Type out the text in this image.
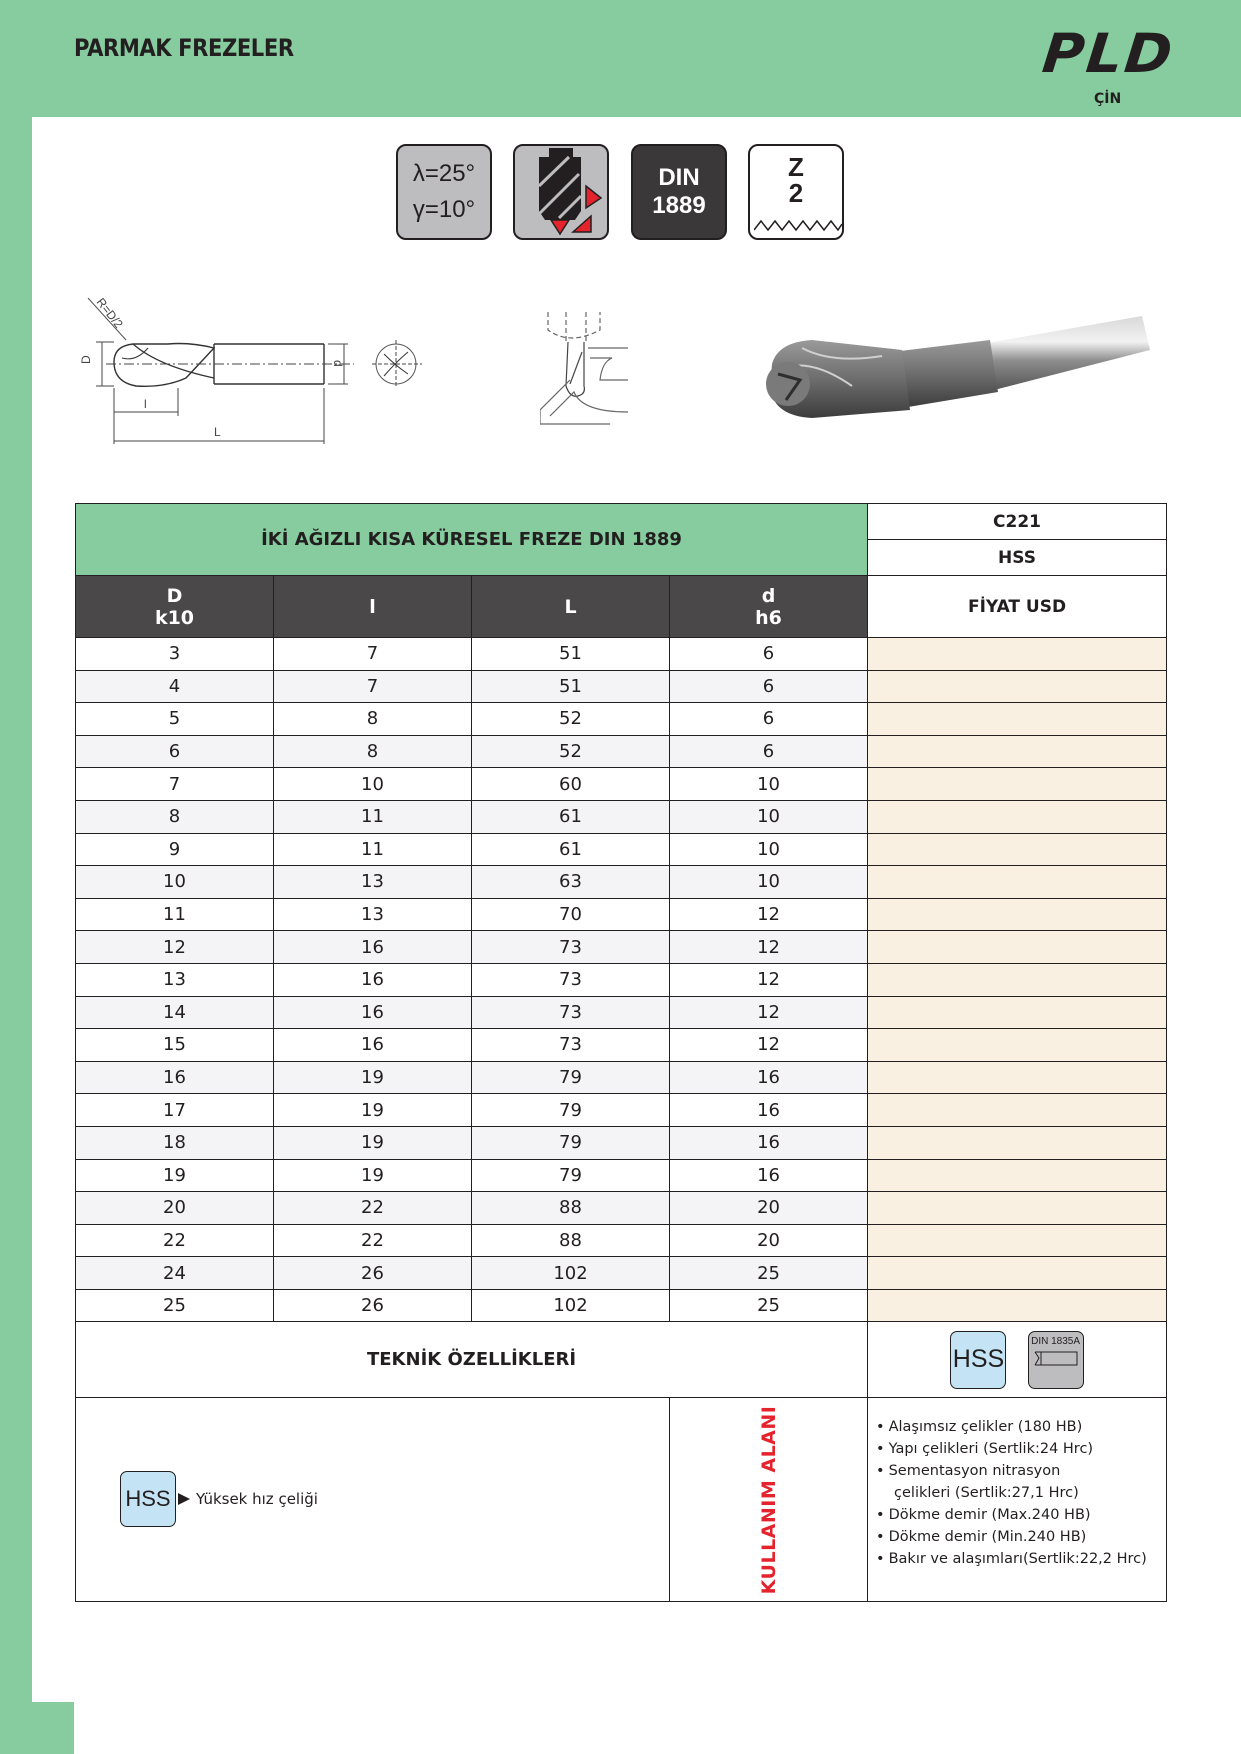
PARMAK FREZELER	PLD
ÇİN
λ=25°
γ=10°
DIN
1889
Z
2
R=D/2
D	d
l
L
İKİ AĞIZLI KISA KÜRESEL FREZE DIN 1889				C221
				HSS

D
k10	l	L	d
h6	FİYAT USD
3	7	51	6	
4	7	51	6	
5	8	52	6	
6	8	52	6	
7	10	60	10	
8	11	61	10	
9	11	61	10	
10	13	63	10	
11	13	70	12	
12	16	73	12	
13	16	73	12	
14	16	73	12	
15	16	73	12	
16	19	79	16	
17	19	79	16	
18	19	79	16	
19	19	79	16	
20	22	88	20	
22	22	88	20	
24	26	102	25	
25	26	102	25	
TEKNİK ÖZELLİKLERİ				HSS
DIN 1835A

HSS	Yüksek hız çeliği	KULLANIM ALANI	• Alaşımsız çelikler (180 HB)
• Yapı çelikleri (Sertlik:24 Hrc)
• Sementasyon nitrasyon
çelikleri (Sertlik:27,1 Hrc)
• Dökme demir (Max.240 HB)
• Dökme demir (Min.240 HB)
• Bakır ve alaşımları(Sertlik:22,2 Hrc)
